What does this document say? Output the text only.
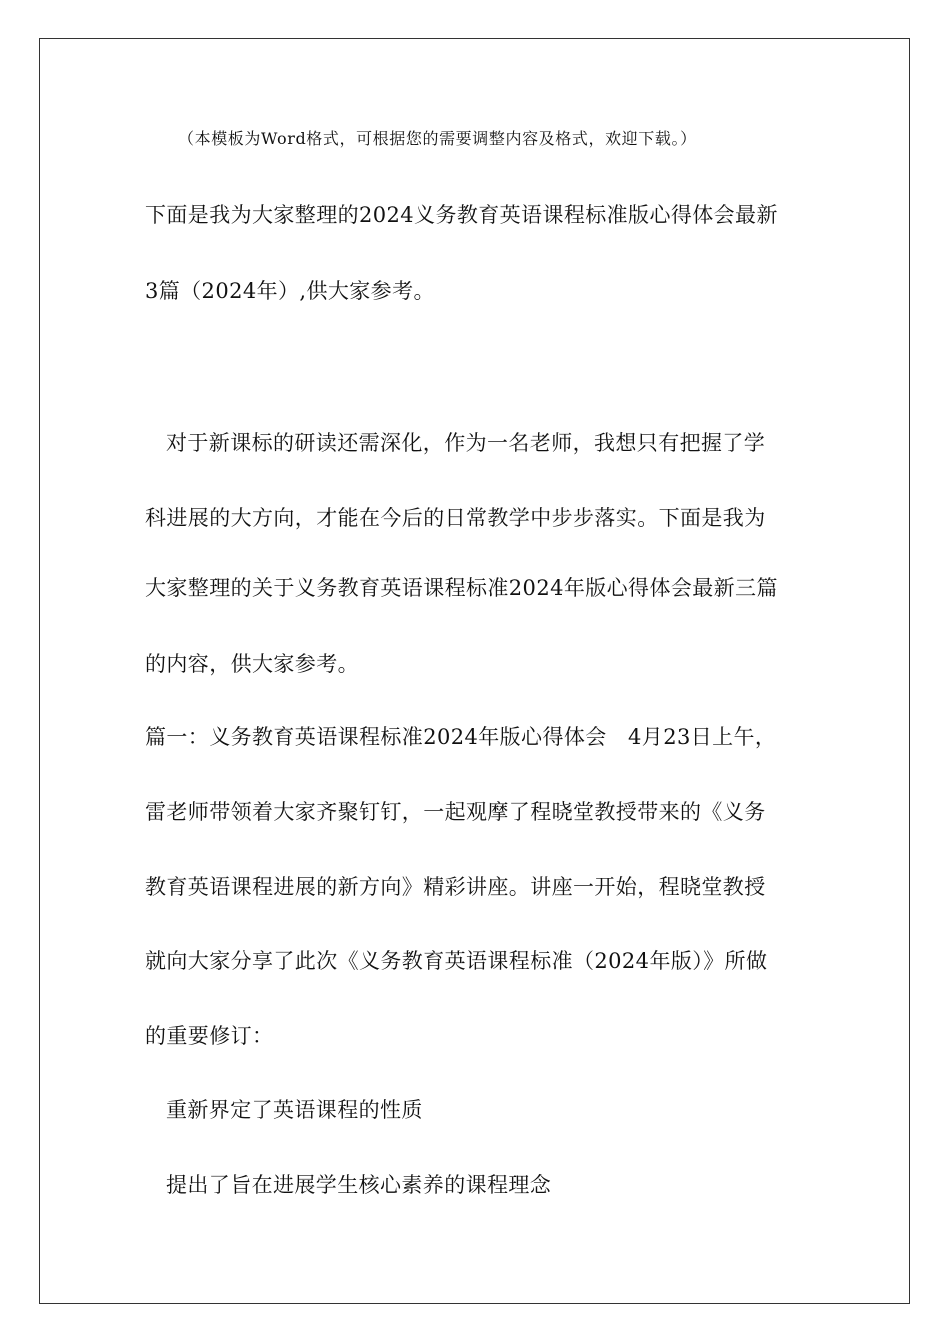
（本模板为Word格式，可根据您的需要调整内容及格式，欢迎下载。）
下面是我为大家整理的2024义务教育英语课程标准版心得体会最新
3篇（2024年）,供大家参考。
对于新课标的研读还需深化，作为一名老师，我想只有把握了学
科进展的大方向，才能在今后的日常教学中步步落实。下面是我为
大家整理的关于义务教育英语课程标准2024年版心得体会最新三篇
的内容，供大家参考。
篇一：义务教育英语课程标准2024年版心得体会　4月23日上午，
雷老师带领着大家齐聚钉钉，一起观摩了程晓堂教授带来的《义务
教育英语课程进展的新方向》精彩讲座。讲座一开始，程晓堂教授
就向大家分享了此次《义务教育英语课程标准（2024年版）》所做
的重要修订：
重新界定了英语课程的性质
提出了旨在进展学生核心素养的课程理念
